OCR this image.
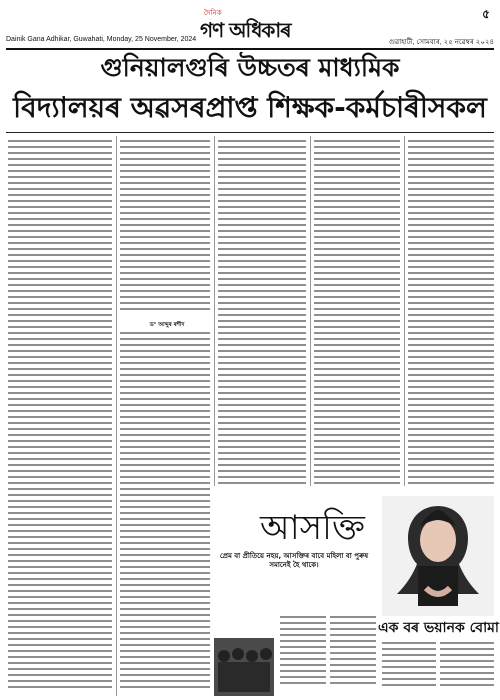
দৈনিক
গণ অধিকাৰ
Dainik Gana Adhikar, Guwahati, Monday, 25 November, 2024	গুৱাহাটী, সোমবাৰ, ২৫ নৱেম্বৰ ২০২৪
৫
গুনিয়ালগুৰি উচ্চতৰ মাধ্যমিক
বিদ্যালয়ৰ অৱসৰপ্ৰাপ্ত শিক্ষক-কৰ্মচাৰীসকল
ড° আব্দুৰ ৰশীদ
আসক্তি
প্ৰেম বা প্ৰীতিয়ে নহয়, আসক্তিৰ বাবে মহিলা বা পুৰুষ সমানেই হৈ থাকে।
এক বৰ ভয়ানক বোমা
